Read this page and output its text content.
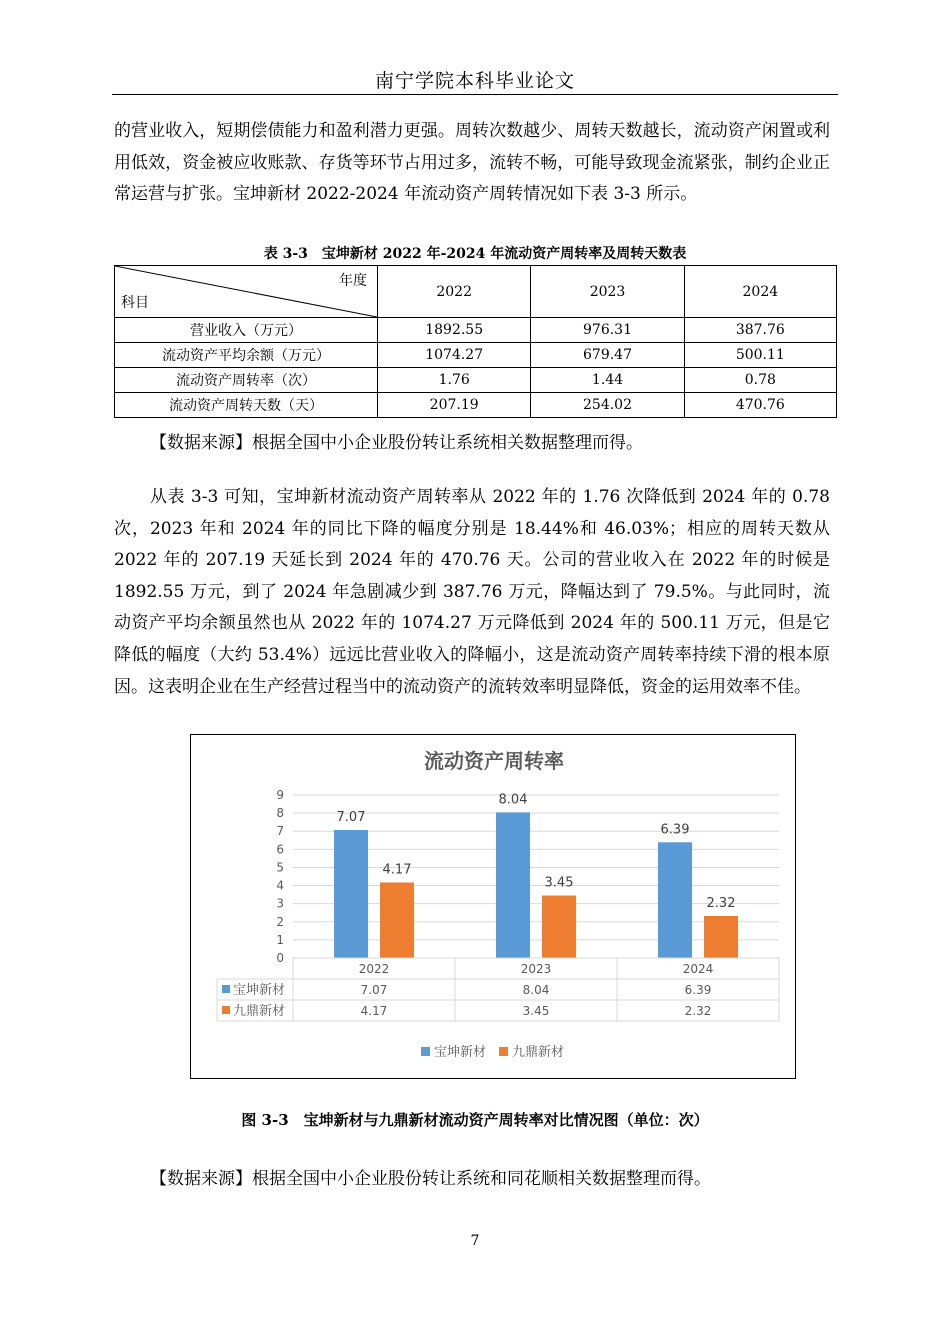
南宁学院本科毕业论文

的营业收入，短期偿债能力和盈利潜力更强。周转次数越少、周转天数越长，流动资产闲置或利用低效，资金被应收账款、存货等环节占用过多，流转不畅，可能导致现金流紧张，制约企业正常运营与扩张。宝坤新材 2022-2024 年流动资产周转情况如下表 3-3 所示。

表 3-3　宝坤新材 2022 年-2024 年流动资产周转率及周转天数表
年度
科目	2022	2023	2024
营业收入（万元）	1892.55	976.31	387.76
流动资产平均余额（万元）	1074.27	679.47	500.11
流动资产周转率（次）	1.76	1.44	0.78
流动资产周转天数（天）	207.19	254.02	470.76
【数据来源】根据全国中小企业股份转让系统相关数据整理而得。

从表 3-3 可知，宝坤新材流动资产周转率从 2022 年的 1.76 次降低到 2024 年的 0.78 次，2023 年和 2024 年的同比下降的幅度分别是 18.44%和 46.03%；相应的周转天数从 2022 年的 207.19 天延长到 2024 年的 470.76 天。公司的营业收入在 2022 年的时候是 1892.55 万元，到了 2024 年急剧减少到 387.76 万元，降幅达到了 79.5%。与此同时，流动资产平均余额虽然也从 2022 年的 1074.27 万元降低到 2024 年的 500.11 万元，但是它降低的幅度（大约 53.4%）远远比营业收入的降幅小，这是流动资产周转率持续下滑的根本原因。这表明企业在生产经营过程当中的流动资产的流转效率明显降低，资金的运用效率不佳。

流动资产周转率
0
1
2
3
4
5
6
7
8
9
7.07
4.17
8.04
3.45
6.39
2.32
2022	2023	2024
宝坤新材	7.07	8.04	6.39
九鼎新材	4.17	3.45	2.32
宝坤新材 九鼎新材
图 3-3　宝坤新材与九鼎新材流动资产周转率对比情况图（单位：次）
【数据来源】根据全国中小企业股份转让系统和同花顺相关数据整理而得。
7
